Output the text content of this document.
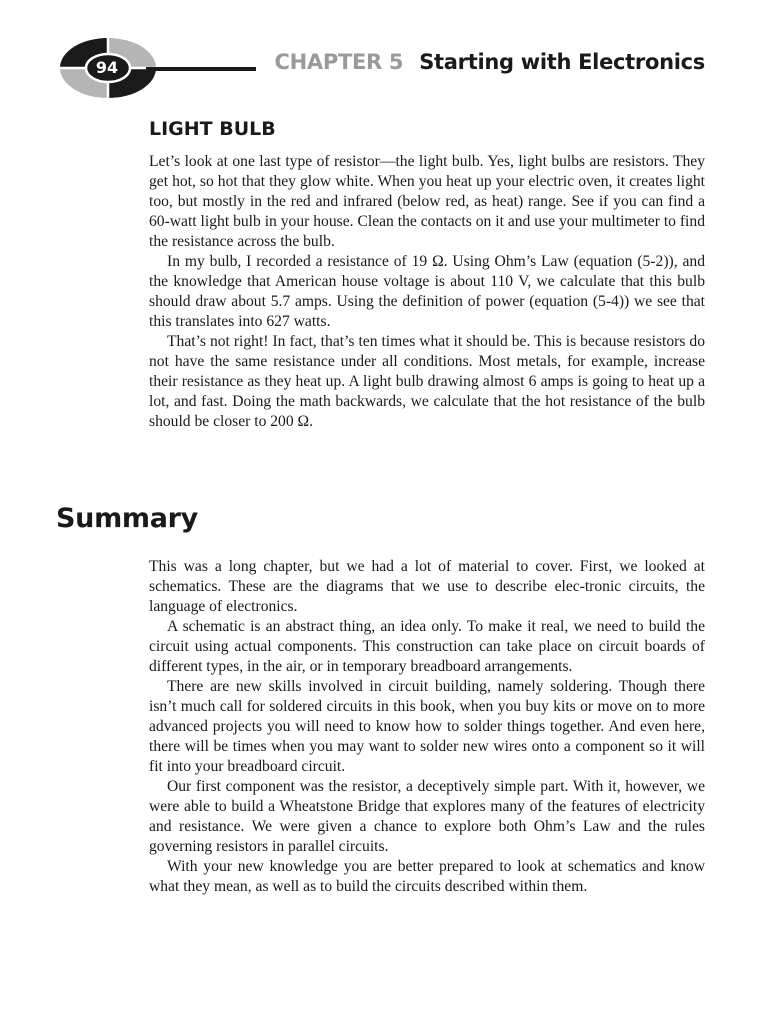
94	CHAPTER 5 Starting with Electronics
LIGHT BULB

Let’s look at one last type of resistor—the light bulb. Yes, light bulbs are resistors. They get hot, so hot that they glow white. When you heat up your electric oven, it creates light too, but mostly in the red and infrared (below red, as heat) range. See if you can find a 60-watt light bulb in your house. Clean the contacts on it and use your multimeter to find the resistance across the bulb.

In my bulb, I recorded a resistance of 19 Ω. Using Ohm’s Law (equation (5-2)), and the knowledge that American house voltage is about 110 V, we calculate that this bulb should draw about 5.7 amps. Using the definition of power (equation (5-4)) we see that this translates into 627 watts.

That’s not right! In fact, that’s ten times what it should be. This is because resistors do not have the same resistance under all conditions. Most metals, for example, increase their resistance as they heat up. A light bulb drawing almost 6 amps is going to heat up a lot, and fast. Doing the math backwards, we calculate that the hot resistance of the bulb should be closer to 200 Ω.

Summary

This was a long chapter, but we had a lot of material to cover. First, we looked at schematics. These are the diagrams that we use to describe elec-tronic circuits, the language of electronics.

A schematic is an abstract thing, an idea only. To make it real, we need to build the circuit using actual components. This construction can take place on circuit boards of different types, in the air, or in temporary breadboard arrangements.

There are new skills involved in circuit building, namely soldering. Though there isn’t much call for soldered circuits in this book, when you buy kits or move on to more advanced projects you will need to know how to solder things together. And even here, there will be times when you may want to solder new wires onto a component so it will fit into your breadboard circuit.

Our first component was the resistor, a deceptively simple part. With it, however, we were able to build a Wheatstone Bridge that explores many of the features of electricity and resistance. We were given a chance to explore both Ohm’s Law and the rules governing resistors in parallel circuits.

With your new knowledge you are better prepared to look at schematics and know what they mean, as well as to build the circuits described within them.
